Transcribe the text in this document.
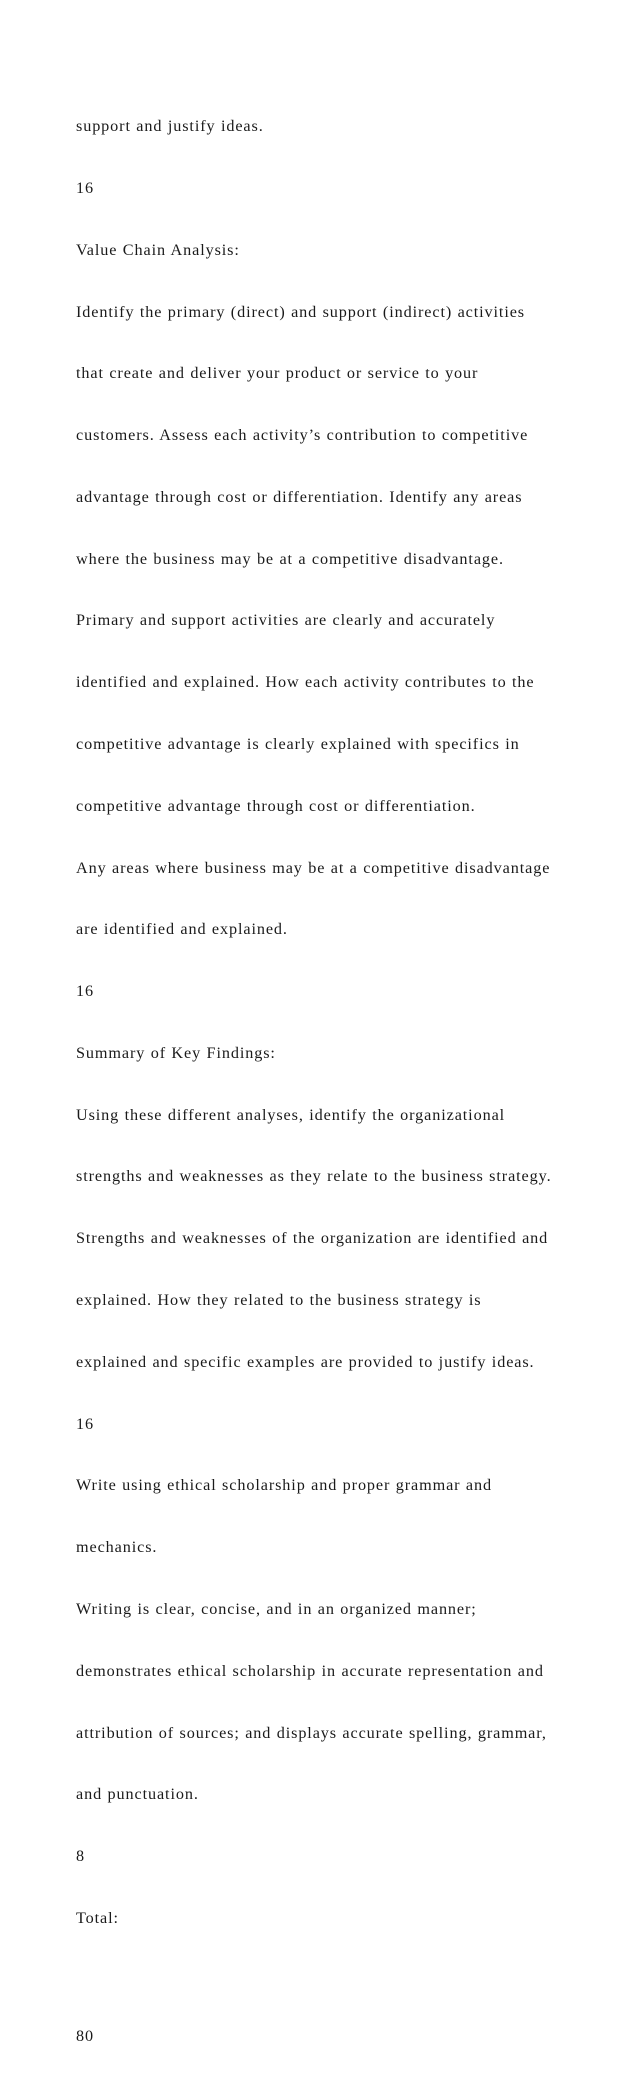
support and justify ideas.

16

Value Chain Analysis:

Identify the primary (direct) and support (indirect) activities

that create and deliver your product or service to your

customers. Assess each activity’s contribution to competitive

advantage through cost or differentiation. Identify any areas

where the business may be at a competitive disadvantage.

Primary and support activities are clearly and accurately

identified and explained. How each activity contributes to the

competitive advantage is clearly explained with specifics in

competitive advantage through cost or differentiation.

Any areas where business may be at a competitive disadvantage

are identified and explained.

16

Summary of Key Findings:

Using these different analyses, identify the organizational

strengths and weaknesses as they relate to the business strategy.

Strengths and weaknesses of the organization are identified and

explained. How they related to the business strategy is

explained and specific examples are provided to justify ideas.

16

Write using ethical scholarship and proper grammar and

mechanics.

Writing is clear, concise, and in an organized manner;

demonstrates ethical scholarship in accurate representation and

attribution of sources; and displays accurate spelling, grammar,

and punctuation.

8

Total:

80
